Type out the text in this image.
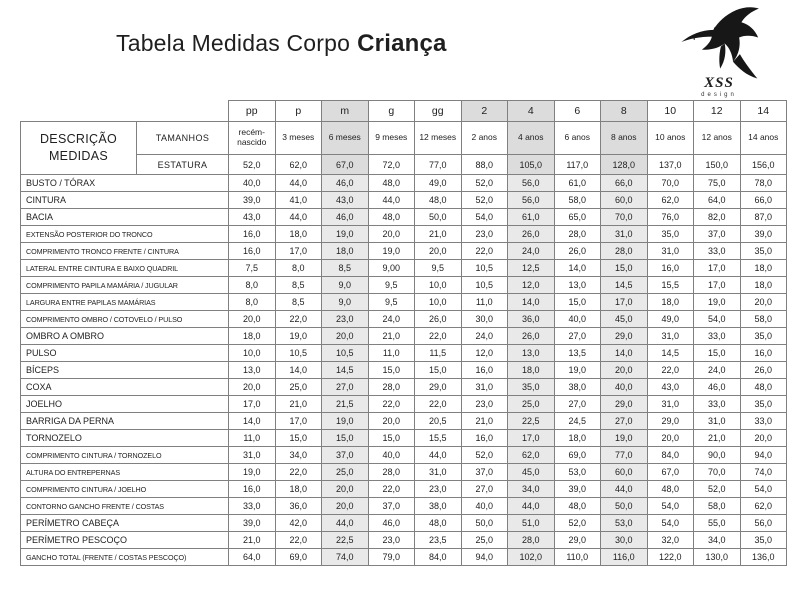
Tabela Medidas Corpo Criança
XSS
design
		pp	p	m	g	gg	2	4	6	8	10	12	14
DESCRIÇÃO MEDIDAS	TAMANHOS	recém-nascido	3 meses	6 meses	9 meses	12 meses	2 anos	4 anos	6 anos	8 anos	10 anos	12 anos	14 anos
	ESTATURA	52,0	62,0	67,0	72,0	77,0	88,0	105,0	117,0	128,0	137,0	150,0	156,0
BUSTO / TÓRAX		40,0	44,0	46,0	48,0	49,0	52,0	56,0	61,0	66,0	70,0	75,0	78,0
CINTURA		39,0	41,0	43,0	44,0	48,0	52,0	56,0	58,0	60,0	62,0	64,0	66,0
BACIA		43,0	44,0	46,0	48,0	50,0	54,0	61,0	65,0	70,0	76,0	82,0	87,0
EXTENSÃO POSTERIOR DO TRONCO		16,0	18,0	19,0	20,0	21,0	23,0	26,0	28,0	31,0	35,0	37,0	39,0
COMPRIMENTO TRONCO FRENTE / CINTURA		16,0	17,0	18,0	19,0	20,0	22,0	24,0	26,0	28,0	31,0	33,0	35,0
LATERAL ENTRE CINTURA E BAIXO QUADRIL		7,5	8,0	8,5	9,00	9,5	10,5	12,5	14,0	15,0	16,0	17,0	18,0
COMPRIMENTO PAPILA MAMÁRIA / JUGULAR		8,0	8,5	9,0	9,5	10,0	10,5	12,0	13,0	14,5	15,5	17,0	18,0
LARGURA ENTRE PAPILAS MAMÁRIAS		8,0	8,5	9,0	9,5	10,0	11,0	14,0	15,0	17,0	18,0	19,0	20,0
COMPRIMENTO OMBRO / COTOVELO / PULSO		20,0	22,0	23,0	24,0	26,0	30,0	36,0	40,0	45,0	49,0	54,0	58,0
OMBRO A OMBRO		18,0	19,0	20,0	21,0	22,0	24,0	26,0	27,0	29,0	31,0	33,0	35,0
PULSO		10,0	10,5	10,5	11,0	11,5	12,0	13,0	13,5	14,0	14,5	15,0	16,0
BÍCEPS		13,0	14,0	14,5	15,0	15,0	16,0	18,0	19,0	20,0	22,0	24,0	26,0
COXA		20,0	25,0	27,0	28,0	29,0	31,0	35,0	38,0	40,0	43,0	46,0	48,0
JOELHO		17,0	21,0	21,5	22,0	22,0	23,0	25,0	27,0	29,0	31,0	33,0	35,0
BARRIGA DA PERNA		14,0	17,0	19,0	20,0	20,5	21,0	22,5	24,5	27,0	29,0	31,0	33,0
TORNOZELO		11,0	15,0	15,0	15,0	15,5	16,0	17,0	18,0	19,0	20,0	21,0	20,0
COMPRIMENTO CINTURA / TORNOZELO		31,0	34,0	37,0	40,0	44,0	52,0	62,0	69,0	77,0	84,0	90,0	94,0
ALTURA DO ENTREPERNAS		19,0	22,0	25,0	28,0	31,0	37,0	45,0	53,0	60,0	67,0	70,0	74,0
COMPRIMENTO CINTURA / JOELHO		16,0	18,0	20,0	22,0	23,0	27,0	34,0	39,0	44,0	48,0	52,0	54,0
CONTORNO GANCHO FRENTE / COSTAS		33,0	36,0	20,0	37,0	38,0	40,0	44,0	48,0	50,0	54,0	58,0	62,0
PERÍMETRO CABEÇA		39,0	42,0	44,0	46,0	48,0	50,0	51,0	52,0	53,0	54,0	55,0	56,0
PERÍMETRO PESCOÇO		21,0	22,0	22,5	23,0	23,5	25,0	28,0	29,0	30,0	32,0	34,0	35,0
GANCHO TOTAL (FRENTE / COSTAS PESCOÇO)		64,0	69,0	74,0	79,0	84,0	94,0	102,0	110,0	116,0	122,0	130,0	136,0
